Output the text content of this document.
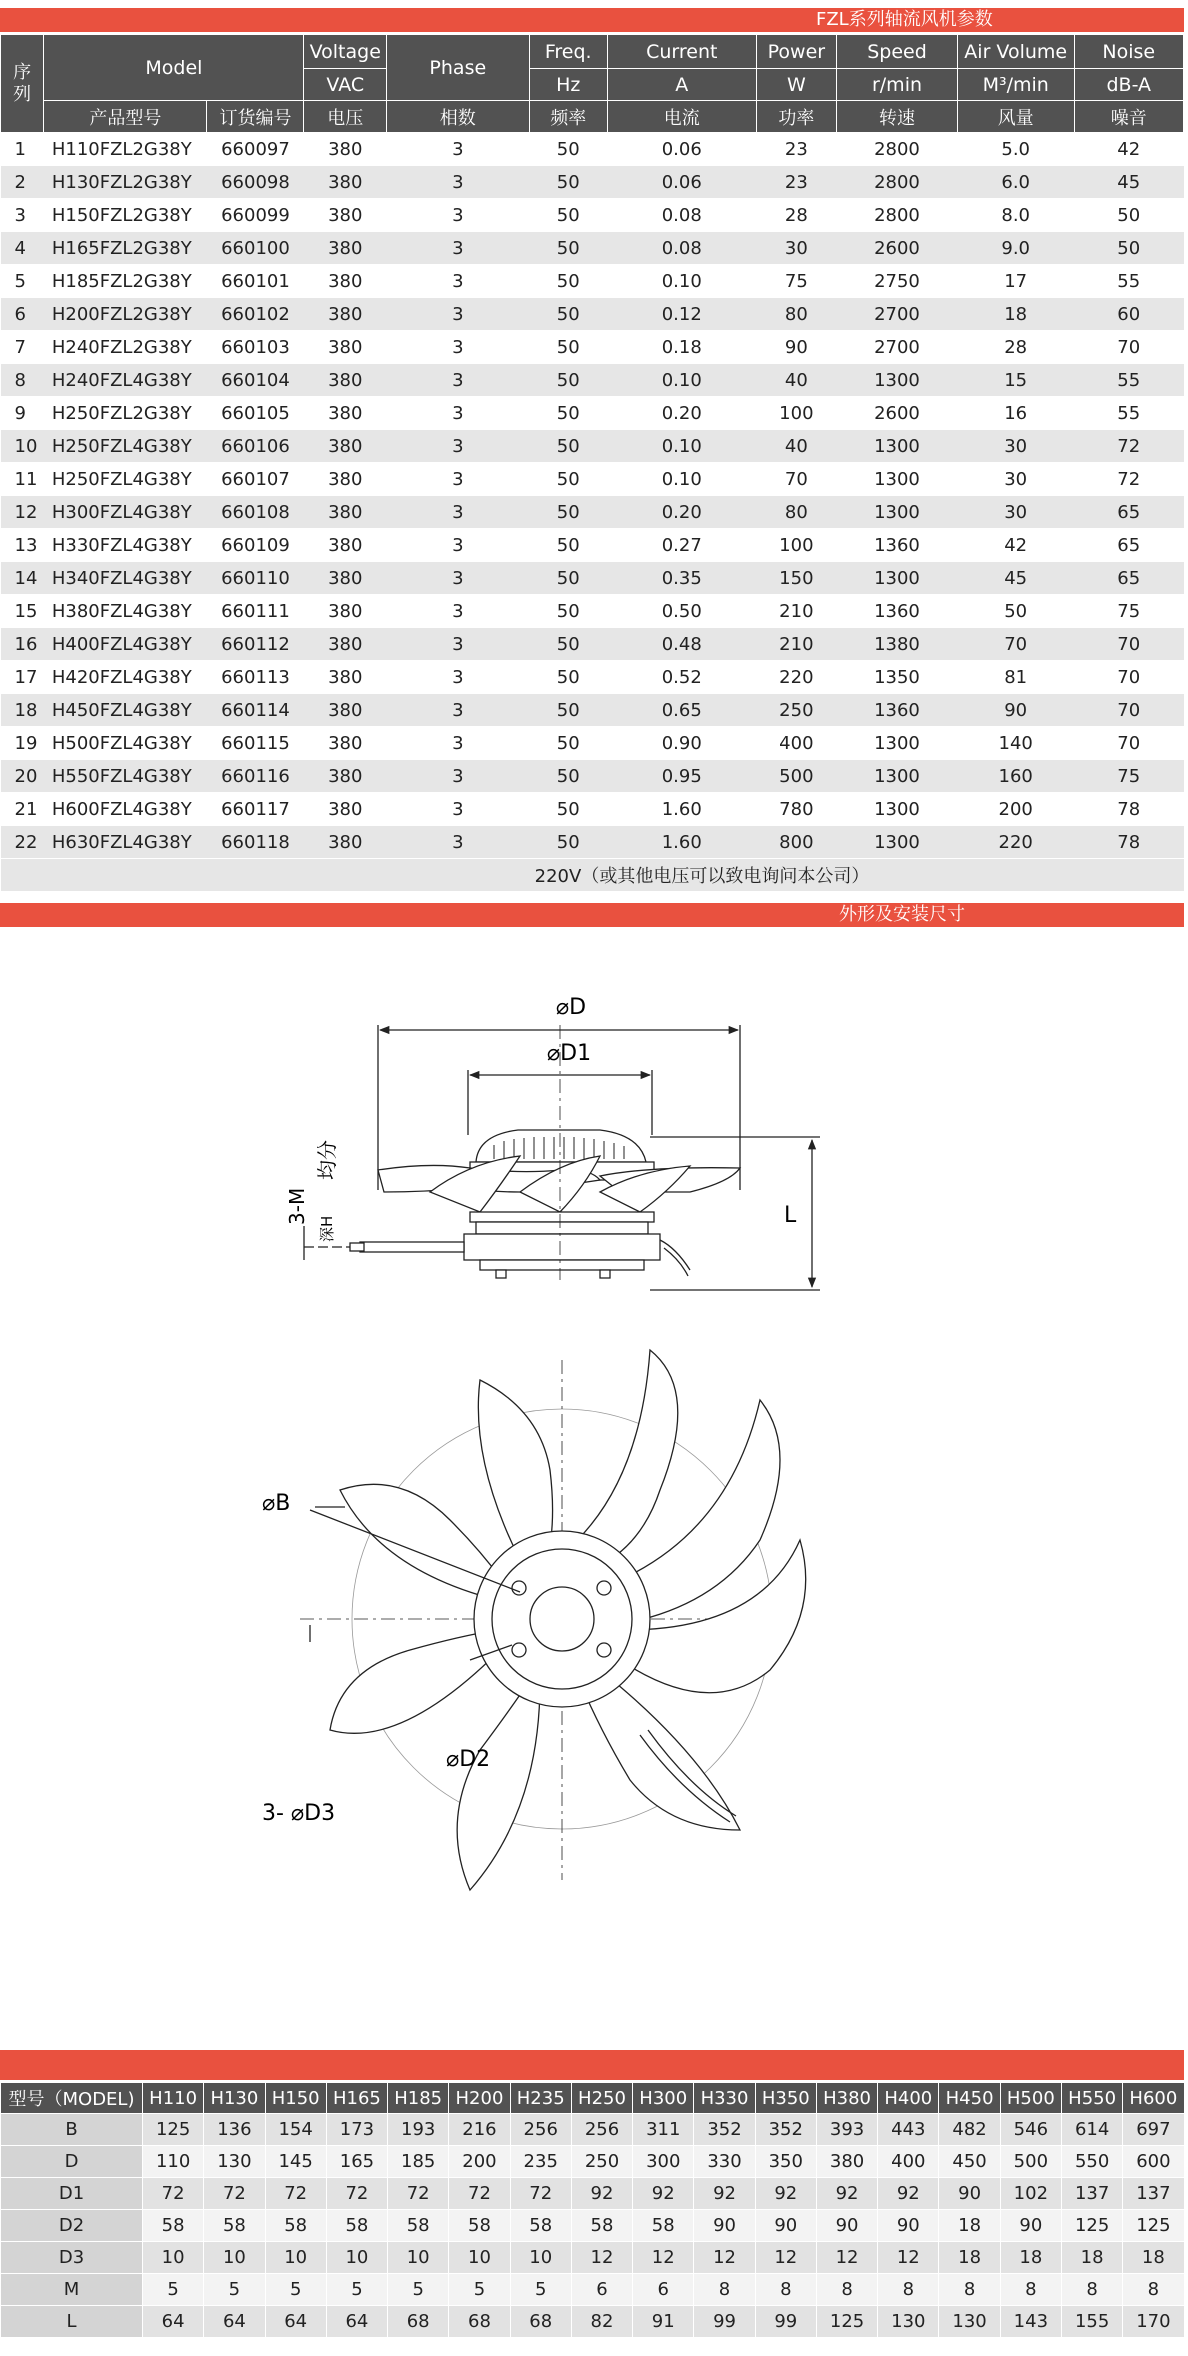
FZL系列轴流风机参数
序列	Model		Voltage	Phase	Freq.	Current	Power	Speed	Air Volume	Noise
			VAC		Hz	A	W	r/min	M³/min	dB-A
	产品型号	订货编号	电压	相数	频率	电流	功率	转速	风量	噪音
1	H110FZL2G38Y	660097	380	3	50	0.06	23	2800	5.0	42
2	H130FZL2G38Y	660098	380	3	50	0.06	23	2800	6.0	45
3	H150FZL2G38Y	660099	380	3	50	0.08	28	2800	8.0	50
4	H165FZL2G38Y	660100	380	3	50	0.08	30	2600	9.0	50
5	H185FZL2G38Y	660101	380	3	50	0.10	75	2750	17	55
6	H200FZL2G38Y	660102	380	3	50	0.12	80	2700	18	60
7	H240FZL2G38Y	660103	380	3	50	0.18	90	2700	28	70
8	H240FZL4G38Y	660104	380	3	50	0.10	40	1300	15	55
9	H250FZL2G38Y	660105	380	3	50	0.20	100	2600	16	55
10	H250FZL4G38Y	660106	380	3	50	0.10	40	1300	30	72
11	H250FZL4G38Y	660107	380	3	50	0.10	70	1300	30	72
12	H300FZL4G38Y	660108	380	3	50	0.20	80	1300	30	65
13	H330FZL4G38Y	660109	380	3	50	0.27	100	1360	42	65
14	H340FZL4G38Y	660110	380	3	50	0.35	150	1300	45	65
15	H380FZL4G38Y	660111	380	3	50	0.50	210	1360	50	75
16	H400FZL4G38Y	660112	380	3	50	0.48	210	1380	70	70
17	H420FZL4G38Y	660113	380	3	50	0.52	220	1350	81	70
18	H450FZL4G38Y	660114	380	3	50	0.65	250	1360	90	70
19	H500FZL4G38Y	660115	380	3	50	0.90	400	1300	140	70
20	H550FZL4G38Y	660116	380	3	50	0.95	500	1300	160	75
21	H600FZL4G38Y	660117	380	3	50	1.60	780	1300	200	78
22	H630FZL4G38Y	660118	380	3	50	1.60	800	1300	220	78
220V（或其他电压可以致电询问本公司）										
外形及安装尺寸
⌀D
⌀D1
L
3-M
均分
深H
⌀B
⌀D2
3- ⌀D3
型号（MODEL)	H110	H130	H150	H165	H185	H200	H235	H250	H300	H330	H350	H380	H400	H450	H500	H550	H600
B	125	136	154	173	193	216	256	256	311	352	352	393	443	482	546	614	697
D	110	130	145	165	185	200	235	250	300	330	350	380	400	450	500	550	600
D1	72	72	72	72	72	72	72	92	92	92	92	92	92	90	102	137	137
D2	58	58	58	58	58	58	58	58	58	90	90	90	90	18	90	125	125
D3	10	10	10	10	10	10	10	12	12	12	12	12	12	18	18	18	18
M	5	5	5	5	5	5	5	6	6	8	8	8	8	8	8	8	8
L	64	64	64	64	68	68	68	82	91	99	99	125	130	130	143	155	170
